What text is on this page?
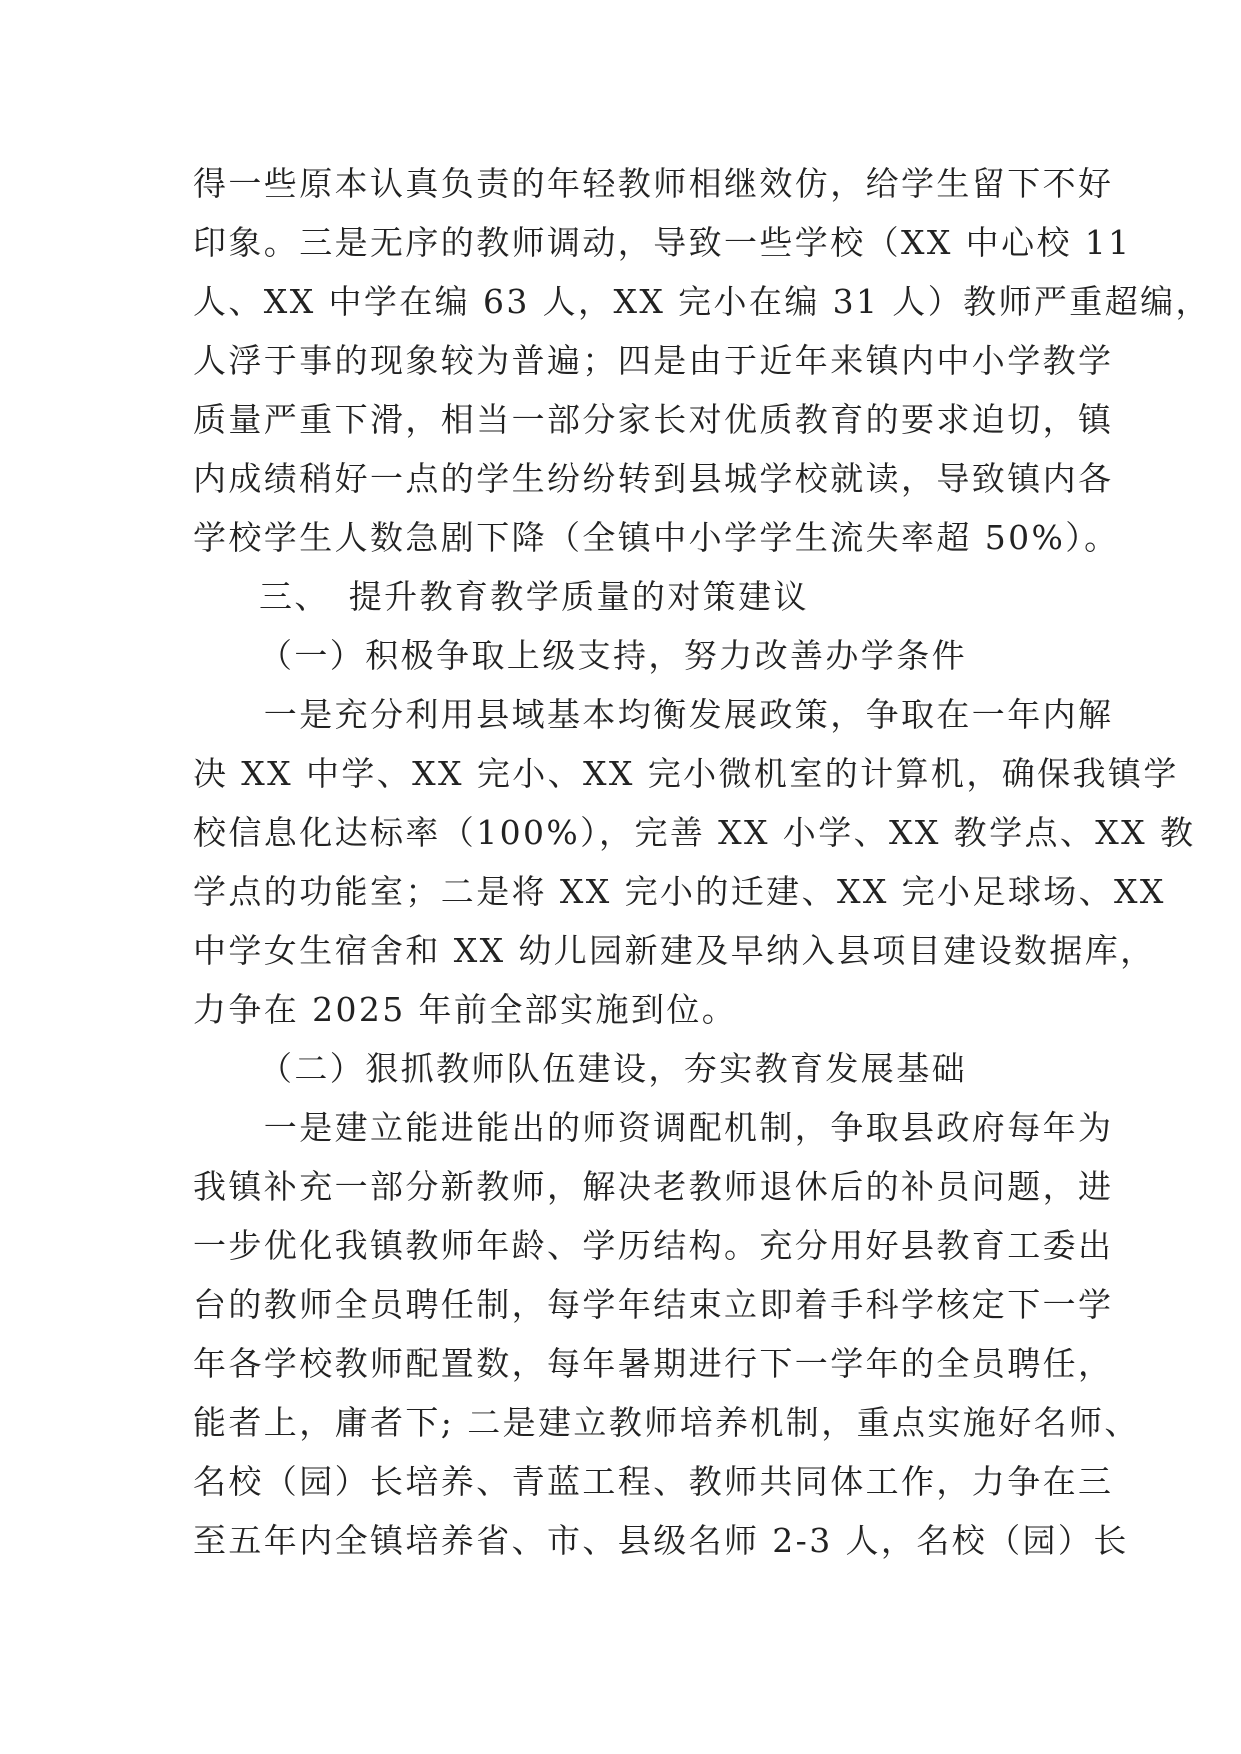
得一些原本认真负责的年轻教师相继效仿，给学生留下不好
印象。三是无序的教师调动，导致一些学校（XX 中心校 11
人、XX 中学在编 63 人，XX 完小在编 31 人）教师严重超编，
人浮于事的现象较为普遍；四是由于近年来镇内中小学教学
质量严重下滑，相当一部分家长对优质教育的要求迫切，镇
内成绩稍好一点的学生纷纷转到县城学校就读，导致镇内各
学校学生人数急剧下降（全镇中小学学生流失率超 50%）。
三、　提升教育教学质量的对策建议
（一）积极争取上级支持，努力改善办学条件
　　一是充分利用县域基本均衡发展政策，争取在一年内解
决 XX 中学、XX 完小、XX 完小微机室的计算机，确保我镇学
校信息化达标率（100%），完善 XX 小学、XX 教学点、XX 教
学点的功能室；二是将 XX 完小的迁建、XX 完小足球场、XX
中学女生宿舍和 XX 幼儿园新建及早纳入县项目建设数据库，
力争在 2025 年前全部实施到位。
（二）狠抓教师队伍建设，夯实教育发展基础
　　一是建立能进能出的师资调配机制，争取县政府每年为
我镇补充一部分新教师，解决老教师退休后的补员问题，进
一步优化我镇教师年龄、学历结构。充分用好县教育工委出
台的教师全员聘任制，每学年结束立即着手科学核定下一学
年各学校教师配置数，每年暑期进行下一学年的全员聘任，
能者上，庸者下; 二是建立教师培养机制，重点实施好名师、
名校（园）长培养、青蓝工程、教师共同体工作，力争在三
至五年内全镇培养省、市、县级名师 2-3 人，名校（园）长
